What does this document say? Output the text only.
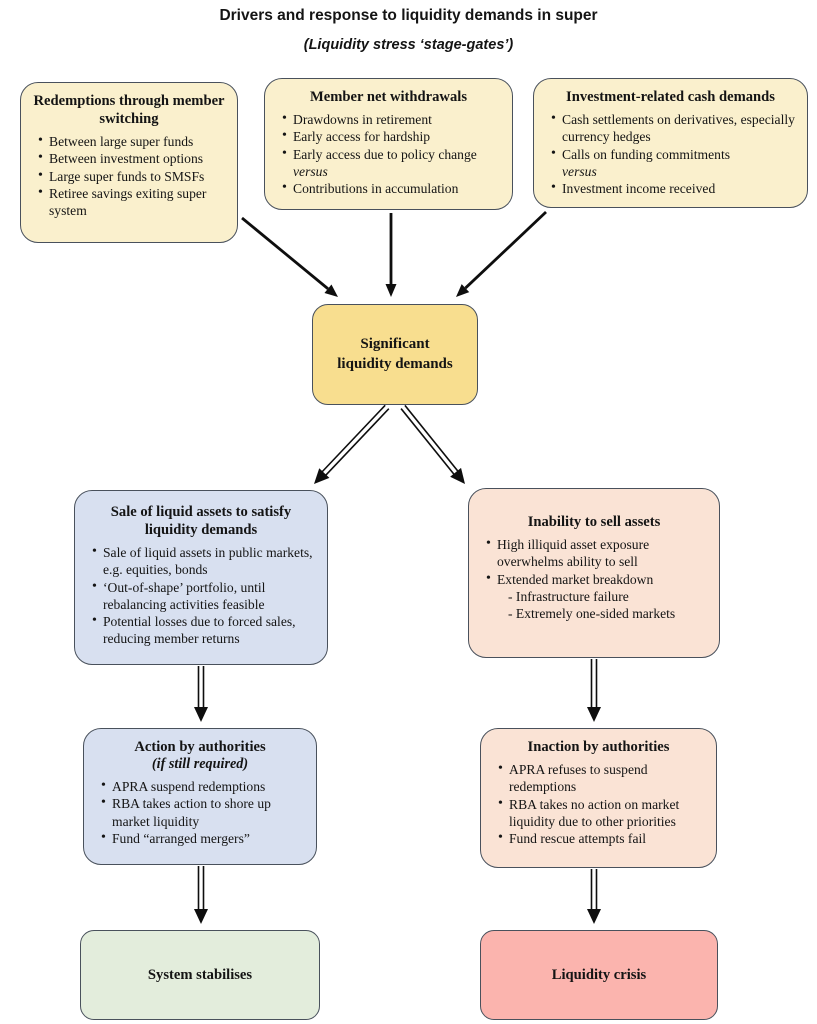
Drivers and response to liquidity demands in super
(Liquidity stress ‘stage-gates’)
Redemptions through member switching
• Between large super funds
• Between investment options
• Large super funds to SMSFs
• Retiree savings exiting super system
Member net withdrawals
• Drawdowns in retirement
• Early access for hardship
• Early access due to policy change
versus
• Contributions in accumulation
Investment-related cash demands
• Cash settlements on derivatives, especially currency hedges
• Calls on funding commitments
versus
• Investment income received
Significant
liquidity demands
Sale of liquid assets to satisfy liquidity demands
• Sale of liquid assets in public markets, e.g. equities, bonds
• ‘Out-of-shape’ portfolio, until rebalancing activities feasible
• Potential losses due to forced sales, reducing member returns
Inability to sell assets
• High illiquid asset exposure overwhelms ability to sell
• Extended market breakdown
- Infrastructure failure
- Extremely one-sided markets
Action by authorities
(if still required)
• APRA suspend redemptions
• RBA takes action to shore up market liquidity
• Fund “arranged mergers”
Inaction by authorities
• APRA refuses to suspend redemptions
• RBA takes no action on market liquidity due to other priorities
• Fund rescue attempts fail
System stabilises	Liquidity crisis
